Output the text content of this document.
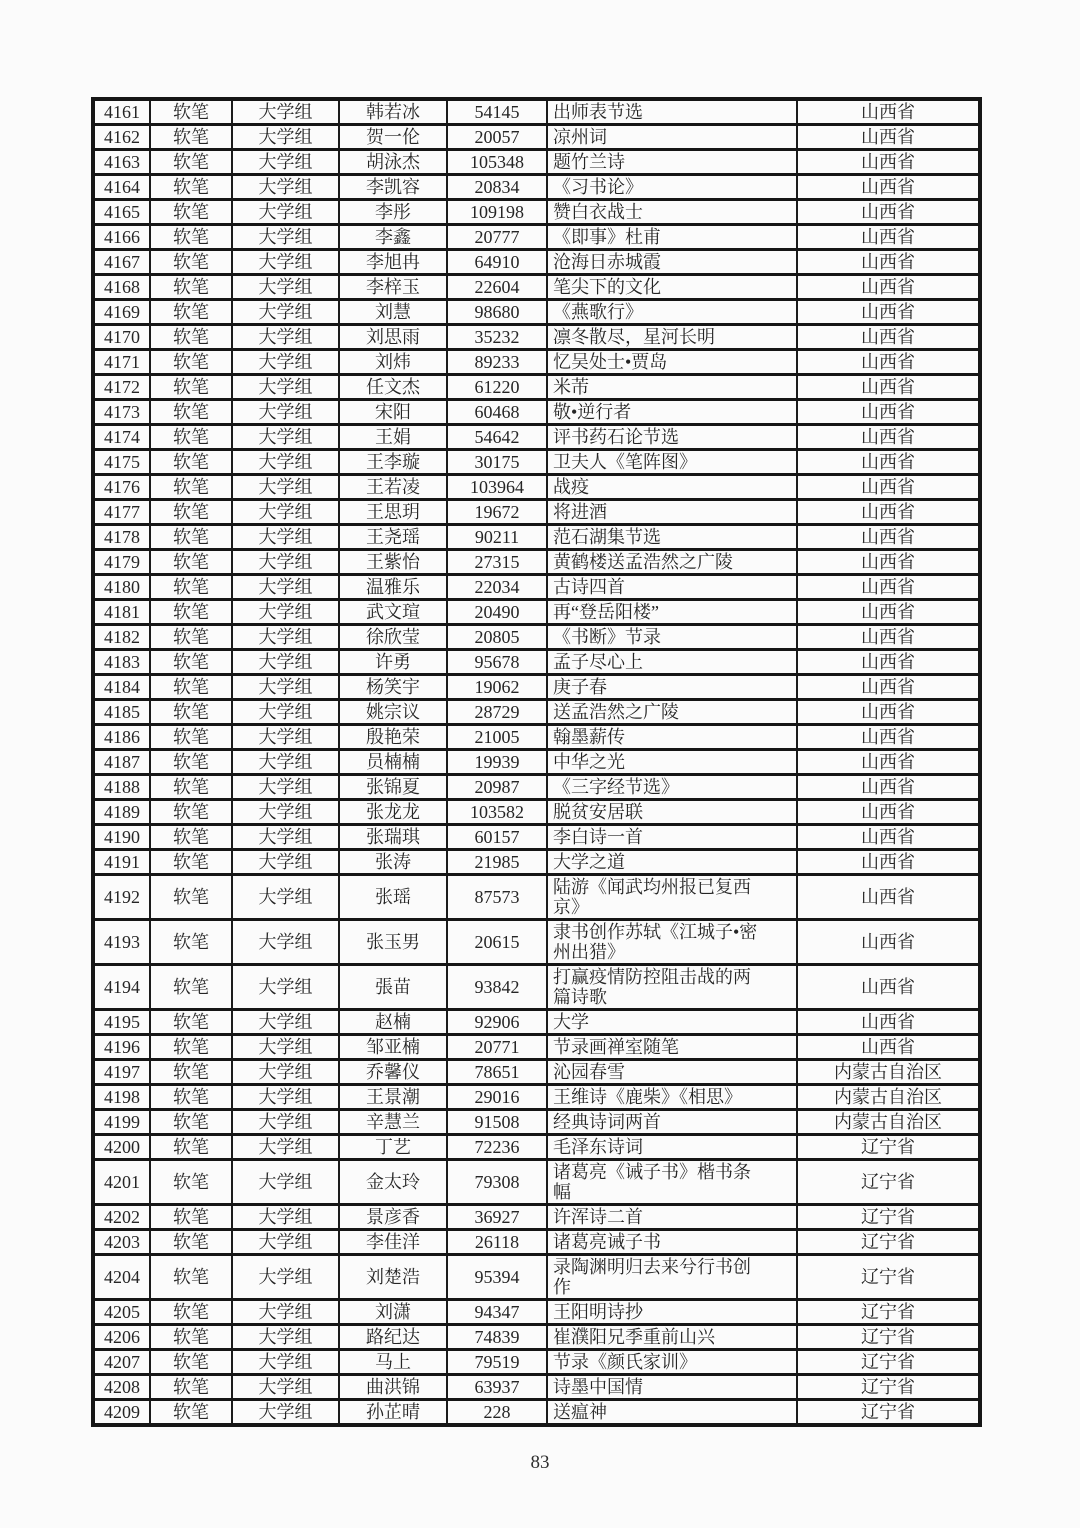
4161	软笔	大学组	韩若冰	54145	出师表节选	山西省
4162	软笔	大学组	贺一伦	20057	凉州词	山西省
4163	软笔	大学组	胡泳杰	105348	题竹兰诗	山西省
4164	软笔	大学组	李凯容	20834	《习书论》	山西省
4165	软笔	大学组	李彤	109198	赞白衣战士	山西省
4166	软笔	大学组	李鑫	20777	《即事》杜甫	山西省
4167	软笔	大学组	李旭冉	64910	沧海日赤城霞	山西省
4168	软笔	大学组	李梓玉	22604	笔尖下的文化	山西省
4169	软笔	大学组	刘慧	98680	《燕歌行》	山西省
4170	软笔	大学组	刘思雨	35232	凛冬散尽，星河长明	山西省
4171	软笔	大学组	刘炜	89233	忆吴处士•贾岛	山西省
4172	软笔	大学组	任文杰	61220	米芾	山西省
4173	软笔	大学组	宋阳	60468	敬•逆行者	山西省
4174	软笔	大学组	王娟	54642	评书药石论节选	山西省
4175	软笔	大学组	王李璇	30175	卫夫人《笔阵图》	山西省
4176	软笔	大学组	王若凌	103964	战疫	山西省
4177	软笔	大学组	王思玥	19672	将进酒	山西省
4178	软笔	大学组	王尧瑶	90211	范石湖集节选	山西省
4179	软笔	大学组	王紫怡	27315	黄鹤楼送孟浩然之广陵	山西省
4180	软笔	大学组	温雅乐	22034	古诗四首	山西省
4181	软笔	大学组	武文瑄	20490	再“登岳阳楼”	山西省
4182	软笔	大学组	徐欣莹	20805	《书断》节录	山西省
4183	软笔	大学组	许勇	95678	孟子尽心上	山西省
4184	软笔	大学组	杨笑宇	19062	庚子春	山西省
4185	软笔	大学组	姚宗议	28729	送孟浩然之广陵	山西省
4186	软笔	大学组	殷艳荣	21005	翰墨薪传	山西省
4187	软笔	大学组	员楠楠	19939	中华之光	山西省
4188	软笔	大学组	张锦夏	20987	《三字经节选》	山西省
4189	软笔	大学组	张龙龙	103582	脱贫安居联	山西省
4190	软笔	大学组	张瑞琪	60157	李白诗一首	山西省
4191	软笔	大学组	张涛	21985	大学之道	山西省
4192	软笔	大学组	张瑶	87573	陆游《闻武均州报已复西京》	山西省
4193	软笔	大学组	张玉男	20615	隶书创作苏轼《江城子•密州出猎》	山西省
4194	软笔	大学组	張苗	93842	打赢疫情防控阻击战的两篇诗歌	山西省
4195	软笔	大学组	赵楠	92906	大学	山西省
4196	软笔	大学组	邹亚楠	20771	节录画禅室随笔	山西省
4197	软笔	大学组	乔馨仪	78651	沁园春雪	内蒙古自治区
4198	软笔	大学组	王景潮	29016	王维诗《鹿柴》《相思》	内蒙古自治区
4199	软笔	大学组	辛慧兰	91508	经典诗词两首	内蒙古自治区
4200	软笔	大学组	丁艺	72236	毛泽东诗词	辽宁省
4201	软笔	大学组	金太玲	79308	诸葛亮《诫子书》楷书条幅	辽宁省
4202	软笔	大学组	景彦香	36927	许浑诗二首	辽宁省
4203	软笔	大学组	李佳洋	26118	诸葛亮诫子书	辽宁省
4204	软笔	大学组	刘楚浩	95394	录陶渊明归去来兮行书创作	辽宁省
4205	软笔	大学组	刘潇	94347	王阳明诗抄	辽宁省
4206	软笔	大学组	路纪达	74839	崔濮阳兄季重前山兴	辽宁省
4207	软笔	大学组	马上	79519	节录《颜氏家训》	辽宁省
4208	软笔	大学组	曲洪锦	63937	诗墨中国情	辽宁省
4209	软笔	大学组	孙芷晴	228	送瘟神	辽宁省
83
